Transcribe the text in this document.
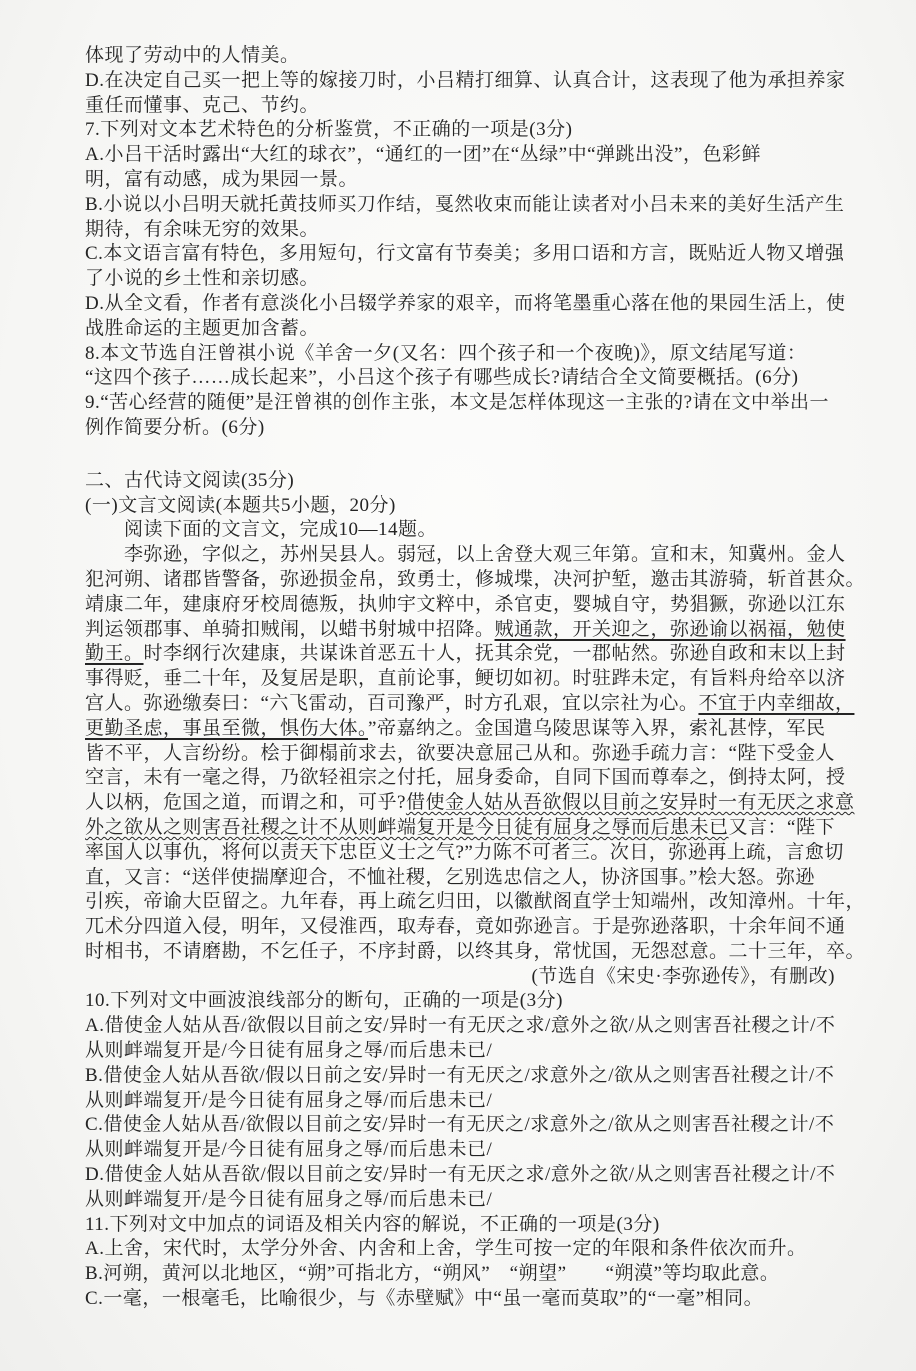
体现了劳动中的人情美。
D.在决定自己买一把上等的嫁接刀时，小吕精打细算、认真合计，这表现了他为承担养家
重任而懂事、克己、节约。
7.下列对文本艺术特色的分析鉴赏，不正确的一项是(3分)
A.小吕干活时露出“大红的球衣”，“通红的一团”在“丛绿”中“弹跳出没”，色彩鲜
明，富有动感，成为果园一景。
B.小说以小吕明天就托黄技师买刀作结，戛然收束而能让读者对小吕未来的美好生活产生
期待，有余味无穷的效果。
C.本文语言富有特色，多用短句，行文富有节奏美；多用口语和方言，既贴近人物又增强
了小说的乡土性和亲切感。
D.从全文看，作者有意淡化小吕辍学养家的艰辛，而将笔墨重心落在他的果园生活上，使
战胜命运的主题更加含蓄。
8.本文节选自汪曾祺小说《羊舍一夕(又名：四个孩子和一个夜晚)》，原文结尾写道：
“这四个孩子……成长起来”，小吕这个孩子有哪些成长?请结合全文简要概括。(6分)
9.“苦心经营的随便”是汪曾祺的创作主张，本文是怎样体现这一主张的?请在文中举出一
例作简要分析。(6分)
二、古代诗文阅读(35分)
(一)文言文阅读(本题共5小题，20分)
阅读下面的文言文，完成10—14题。
李弥逊，字似之，苏州吴县人。弱冠，以上舍登大观三年第。宣和末，知冀州。金人
犯河朔、诸郡皆警备，弥逊损金帛，致勇士，修城堞，决河护堑，邀击其游骑，斩首甚众。
靖康二年，建康府牙校周德叛，执帅宇文粹中，杀官吏，婴城自守，势猖獗，弥逊以江东
判运领郡事、单骑扣贼闱，以蜡书射城中招降。贼通款，开关迎之，弥逊谕以祸福，勉使
勤王。时李纲行次建康，共谋诛首恶五十人，抚其余党，一郡帖然。弥逊自政和末以上封
事得贬，垂二十年，及复居是职，直前论事，鲠切如初。时驻跸未定，有旨料舟给卒以济
宫人。弥逊缴奏曰：“六飞雷动，百司豫严，时方孔艰，宜以宗社为心。不宜于内幸细故，
更勤圣虑，事虽至微，惧伤大体。”帝嘉纳之。金国遣乌陵思谋等入界，索礼甚悖，军民
皆不平，人言纷纷。桧于御榻前求去，欲要决意屈己从和。弥逊手疏力言：“陛下受金人
空言，未有一毫之得，乃欲轻祖宗之付托，屈身委命，自同下国而尊奉之，倒持太阿，授
人以柄，危国之道，而谓之和，可乎?借使金人姑从吾欲假以目前之安异时一有无厌之求意
外之欲从之则害吾社稷之计不从则衅端复开是今日徒有屈身之辱而后患未已又言：“陛下
率国人以事仇，将何以责天下忠臣义士之气?”力陈不可者三。次日，弥逊再上疏，言愈切
直，又言：“送伴使揣摩迎合，不恤社稷，乞别选忠信之人，协济国事。”桧大怒。弥逊
引疾，帝谕大臣留之。九年春，再上疏乞归田，以徽猷阁直学士知端州，改知漳州。十年，
兀术分四道入侵，明年，又侵淮西，取寿春，竟如弥逊言。于是弥逊落职，十余年间不通
时相书，不请磨勘，不乞任子，不序封爵，以终其身，常忧国，无怨怼意。二十三年，卒。
(节选自《宋史·李弥逊传》，有删改)
10.下列对文中画波浪线部分的断句，正确的一项是(3分)
A.借使金人姑从吾/欲假以目前之安/异时一有无厌之求/意外之欲/从之则害吾社稷之计/不
从则衅端复开是/今日徒有屈身之辱/而后患未已/
B.借使金人姑从吾欲/假以日前之安/异时一有无厌之/求意外之/欲从之则害吾社稷之计/不
从则衅端复开/是今日徒有屈身之辱/而后患未已/
C.借使金人姑从吾/欲假以目前之安/异时一有无厌之/求意外之/欲从之则害吾社稷之计/不
从则衅端复开是/今日徒有屈身之辱/而后患未已/
D.借使金人姑从吾欲/假以目前之安/异时一有无厌之求/意外之欲/从之则害吾社稷之计/不
从则衅端复开/是今日徒有屈身之辱/而后患未已/
11.下列对文中加点的词语及相关内容的解说，不正确的一项是(3分)
A.上舍，宋代时，太学分外舍、内舍和上舍，学生可按一定的年限和条件依次而升。
B.河朔，黄河以北地区，“朔”可指北方，“朔风”　“朔望”　　“朔漠”等均取此意。
C.一毫，一根毫毛，比喻很少，与《赤壁赋》中“虽一毫而莫取”的“一毫”相同。
